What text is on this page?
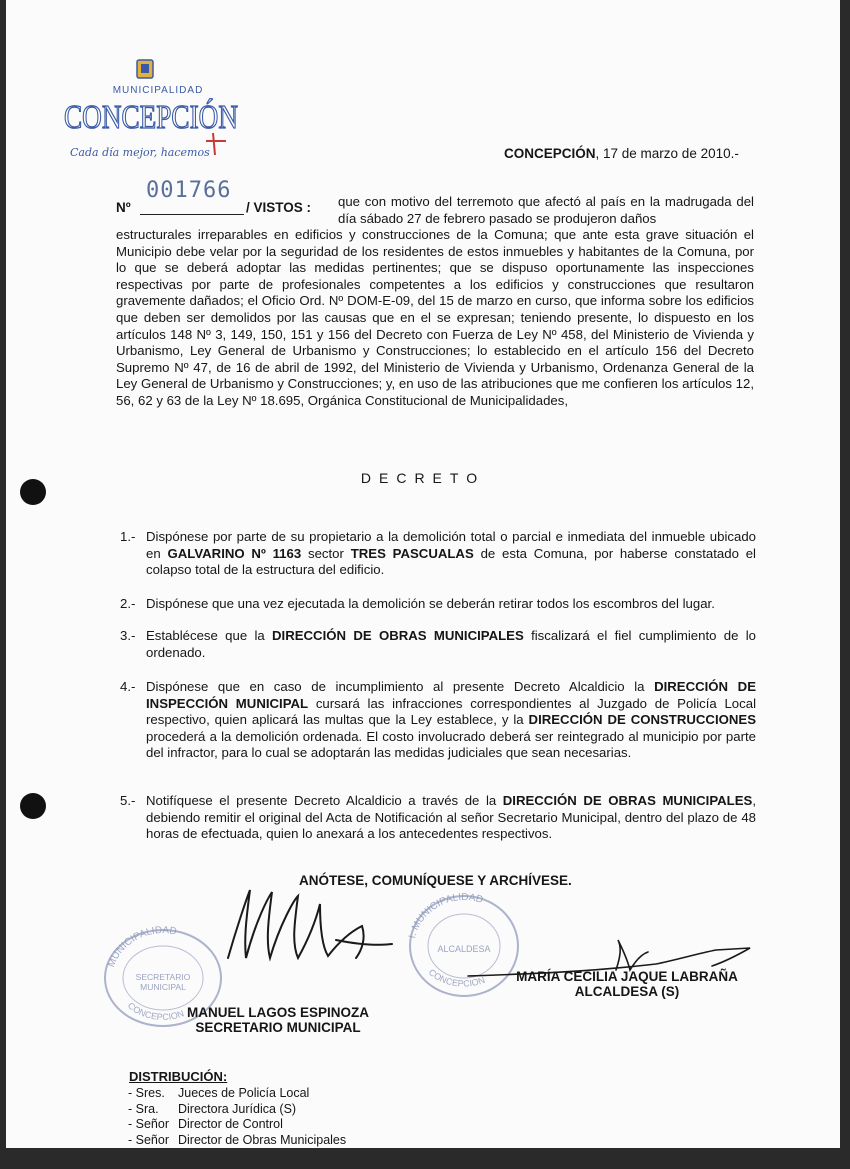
MUNICIPALIDAD
CONCEPCIÓN
Cada día mejor, hacemos	CONCEPCIÓN, 17 de marzo de 2010.-
001766
Nº	/ VISTOS : que con motivo del terremoto que afectó al país en la madrugada del día sábado 27 de febrero pasado se produjeron daños
estructurales irreparables en edificios y construcciones de la Comuna; que ante esta grave situación el Municipio debe velar por la seguridad de los residentes de estos inmuebles y habitantes de la Comuna, por lo que se deberá adoptar las medidas pertinentes; que se dispuso oportunamente las inspecciones respectivas por parte de profesionales competentes a los edificios y construcciones que resultaron gravemente dañados; el Oficio Ord. Nº DOM-E-09, del 15 de marzo en curso, que informa sobre los edificios que deben ser demolidos por las causas que en el se expresan; teniendo presente, lo dispuesto en los artículos 148 Nº 3, 149, 150, 151 y 156 del Decreto con Fuerza de Ley Nº 458, del Ministerio de Vivienda y Urbanismo, Ley General de Urbanismo y Construcciones; lo establecido en el artículo 156 del Decreto Supremo Nº 47, de 16 de abril de 1992, del Ministerio de Vivienda y Urbanismo, Ordenanza General de la Ley General de Urbanismo y Construcciones; y, en uso de las atribuciones que me confieren los artículos 12, 56, 62 y 63 de la Ley Nº 18.695, Orgánica Constitucional de Municipalidades,
DECRETO
1.- Dispónese por parte de su propietario a la demolición total o parcial e inmediata del inmueble ubicado en GALVARINO Nº 1163 sector TRES PASCUALAS de esta Comuna, por haberse constatado el colapso total de la estructura del edificio.
2.- Dispónese que una vez ejecutada la demolición se deberán retirar todos los escombros del lugar.
3.- Establécese que la DIRECCIÓN DE OBRAS MUNICIPALES fiscalizará el fiel cumplimiento de lo ordenado.
4.- Dispónese que en caso de incumplimiento al presente Decreto Alcaldicio la DIRECCIÓN DE INSPECCIÓN MUNICIPAL cursará las infracciones correspondientes al Juzgado de Policía Local respectivo, quien aplicará las multas que la Ley establece, y la DIRECCIÓN DE CONSTRUCCIONES procederá a la demolición ordenada. El costo involucrado deberá ser reintegrado al municipio por parte del infractor, para lo cual se adoptarán las medidas judiciales que sean necesarias.
5.- Notifíquese el presente Decreto Alcaldicio a través de la DIRECCIÓN DE OBRAS MUNICIPALES, debiendo remitir el original del Acta de Notificación al señor Secretario Municipal, dentro del plazo de 48 horas de efectuada, quien lo anexará a los antecedentes respectivos.
ANÓTESE, COMUNÍQUESE Y ARCHÍVESE.
MUNICIPALIDAD
SECRETARIO
MUNICIPAL
CONCEPCION MANUEL LAGOS ESPINOZA
SECRETARIO MUNICIPAL
I. MUNICIPALIDAD
ALCALDESA
CONCEPCION	MARÍA CECILIA JAQUE LABRAÑA
ALCALDESA (S)
DISTRIBUCIÓN:
- Sres. Jueces de Policía Local
- Sra. Directora Jurídica (S)
- Señor Director de Control
- Señor Director de Obras Municipales
